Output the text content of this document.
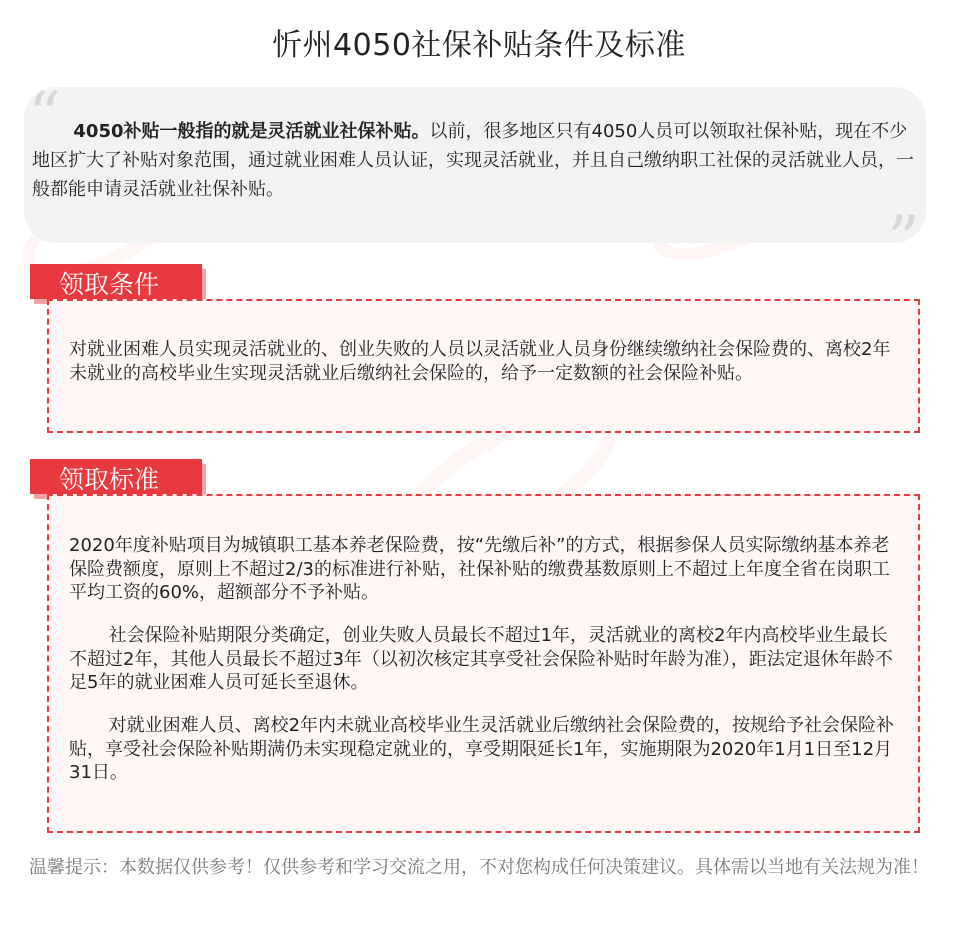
忻州4050社保补贴条件及标准
“ 4050补贴一般指的就是灵活就业社保补贴。以前，很多地区只有4050人员可以领取社保补贴，现在不少地区扩大了补贴对象范围，通过就业困难人员认证，实现灵活就业，并且自己缴纳职工社保的灵活就业人员，一般都能申请灵活就业社保补贴。
”
领取条件
对就业困难人员实现灵活就业的、创业失败的人员以灵活就业人员身份继续缴纳社会保险费的、离校2年未就业的高校毕业生实现灵活就业后缴纳社会保险的，给予一定数额的社会保险补贴。
领取标准
2020年度补贴项目为城镇职工基本养老保险费，按“先缴后补”的方式，根据参保人员实际缴纳基本养老保险费额度，原则上不超过2/3的标准进行补贴，社保补贴的缴费基数原则上不超过上年度全省在岗职工平均工资的60%，超额部分不予补贴。
社会保险补贴期限分类确定，创业失败人员最长不超过1年，灵活就业的离校2年内高校毕业生最长不超过2年，其他人员最长不超过3年（以初次核定其享受社会保险补贴时年龄为准），距法定退休年龄不足5年的就业困难人员可延长至退休。
对就业困难人员、离校2年内未就业高校毕业生灵活就业后缴纳社会保险费的，按规给予社会保险补贴，享受社会保险补贴期满仍未实现稳定就业的，享受期限延长1年，实施期限为2020年1月1日至12月31日。
温馨提示：本数据仅供参考！仅供参考和学习交流之用，不对您构成任何决策建议。具体需以当地有关法规为准！
